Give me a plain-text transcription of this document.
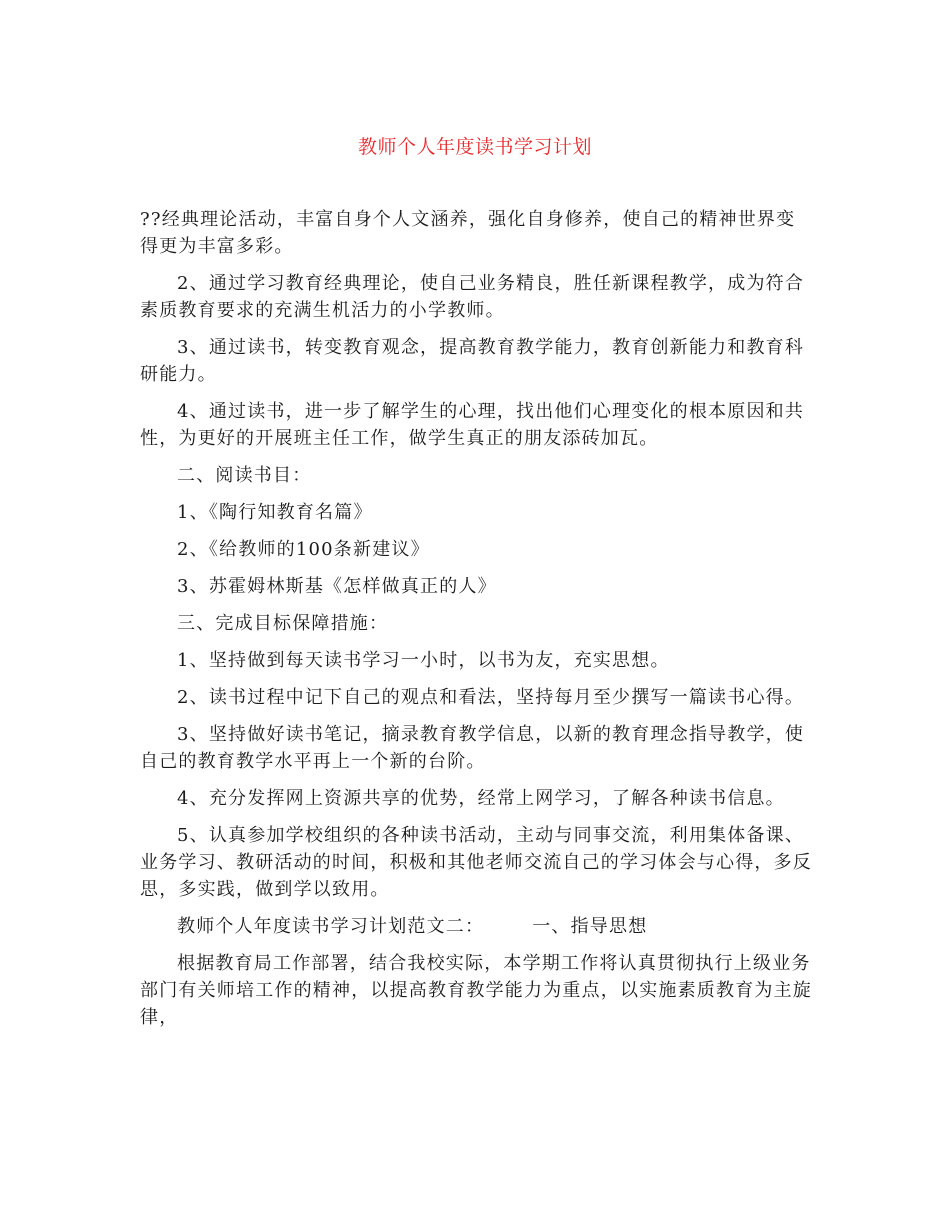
教师个人年度读书学习计划

??经典理论活动，丰富自身个人文涵养，强化自身修养，使自己的精神世界变得更为丰富多彩。

2、通过学习教育经典理论，使自己业务精良，胜任新课程教学，成为符合素质教育要求的充满生机活力的小学教师。

3、通过读书，转变教育观念，提高教育教学能力，教育创新能力和教育科研能力。

4、通过读书，进一步了解学生的心理，找出他们心理变化的根本原因和共性，为更好的开展班主任工作，做学生真正的朋友添砖加瓦。

二、阅读书目：

1、《陶行知教育名篇》

2、《给教师的100条新建议》

3、苏霍姆林斯基《怎样做真正的人》

三、完成目标保障措施：

1、坚持做到每天读书学习一小时，以书为友，充实思想。

2、读书过程中记下自己的观点和看法，坚持每月至少撰写一篇读书心得。

3、坚持做好读书笔记，摘录教育教学信息，以新的教育理念指导教学，使自己的教育教学水平再上一个新的台阶。

4、充分发挥网上资源共享的优势，经常上网学习，了解各种读书信息。

5、认真参加学校组织的各种读书活动，主动与同事交流，利用集体备课、业务学习、教研活动的时间，积极和其他老师交流自己的学习体会与心得，多反思，多实践，做到学以致用。

教师个人年度读书学习计划范文二：	一、指导思想

根据教育局工作部署，结合我校实际，本学期工作将认真贯彻执行上级业务部门有关师培工作的精神，以提高教育教学能力为重点，以实施素质教育为主旋律，
